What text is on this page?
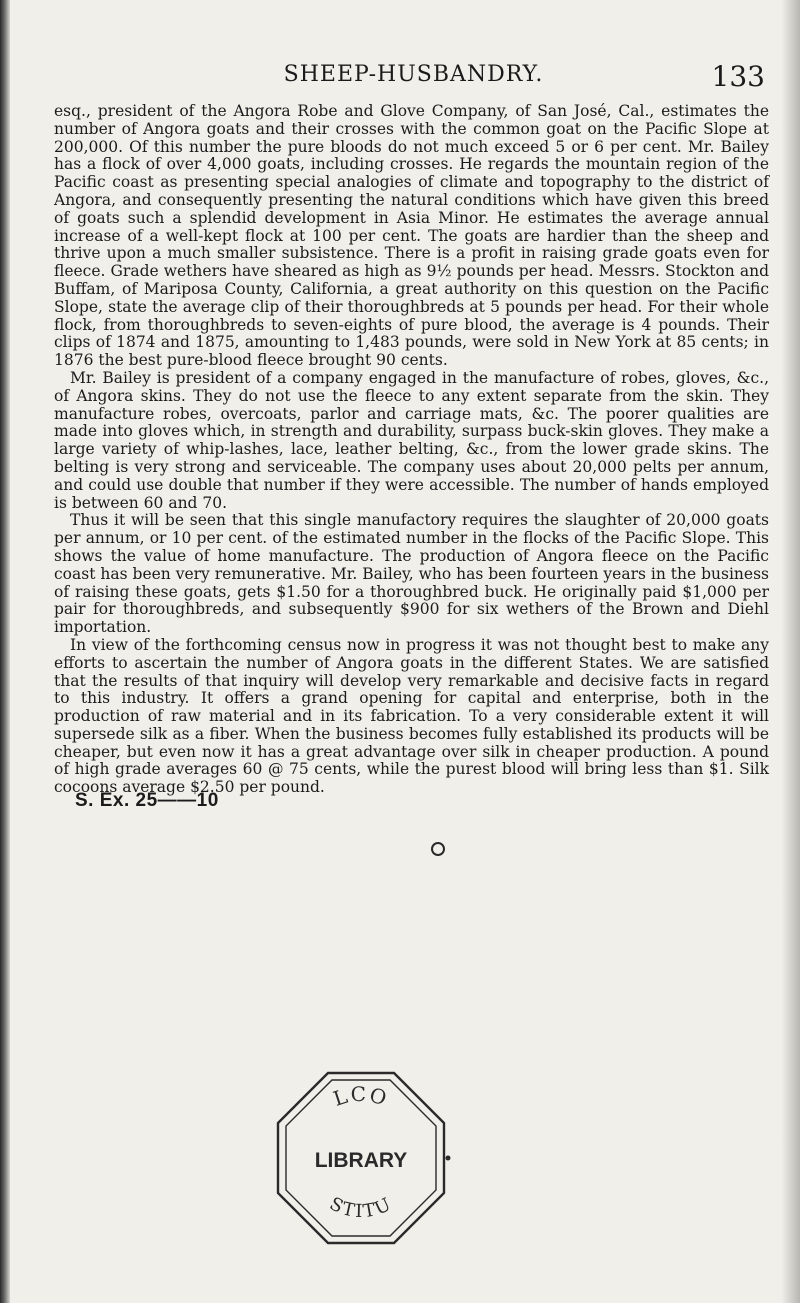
SHEEP-HUSBANDRY.	133

esq., president of the Angora Robe and Glove Company, of San José, Cal., estimates the number of Angora goats and their crosses with the common goat on the Pacific Slope at 200,000. Of this number the pure bloods do not much exceed 5 or 6 per cent. Mr. Bailey has a flock of over 4,000 goats, including crosses. He regards the mountain region of the Pacific coast as presenting special analogies of climate and topography to the district of Angora, and consequently presenting the natural conditions which have given this breed of goats such a splendid development in Asia Minor. He estimates the average annual increase of a well-kept flock at 100 per cent. The goats are hardier than the sheep and thrive upon a much smaller subsistence. There is a profit in raising grade goats even for fleece. Grade wethers have sheared as high as 9½ pounds per head. Messrs. Stockton and Buffam, of Mariposa County, California, a great authority on this question on the Pacific Slope, state the average clip of their thoroughbreds at 5 pounds per head. For their whole flock, from thoroughbreds to seven-eights of pure blood, the average is 4 pounds. Their clips of 1874 and 1875, amounting to 1,483 pounds, were sold in New York at 85 cents; in 1876 the best pure-blood fleece brought 90 cents.

Mr. Bailey is president of a company engaged in the manufacture of robes, gloves, &c., of Angora skins. They do not use the fleece to any extent separate from the skin. They manufacture robes, overcoats, parlor and carriage mats, &c. The poorer qualities are made into gloves which, in strength and durability, surpass buck-skin gloves. They make a large variety of whip-lashes, lace, leather belting, &c., from the lower grade skins. The belting is very strong and serviceable. The company uses about 20,000 pelts per annum, and could use double that number if they were accessible. The number of hands employed is between 60 and 70.

Thus it will be seen that this single manufactory requires the slaughter of 20,000 goats per annum, or 10 per cent. of the estimated number in the flocks of the Pacific Slope. This shows the value of home manufacture. The production of Angora fleece on the Pacific coast has been very remunerative. Mr. Bailey, who has been fourteen years in the business of raising these goats, gets $1.50 for a thoroughbred buck. He originally paid $1,000 per pair for thoroughbreds, and subsequently $900 for six wethers of the Brown and Diehl importation.

In view of the forthcoming census now in progress it was not thought best to make any efforts to ascertain the number of Angora goats in the different States. We are satisfied that the results of that inquiry will develop very remarkable and decisive facts in regard to this industry. It offers a grand opening for capital and enterprise, both in the production of raw material and in its fabrication. To a very considerable extent it will supersede silk as a fiber. When the business becomes fully established its products will be cheaper, but even now it has a great advantage over silk in cheaper production. A pound of high grade averages 60 @ 75 cents, while the purest blood will bring less than $1. Silk cocoons average $2.50 per pound.

S. Ex. 25——10
LCO
LIBRARY
STITU
